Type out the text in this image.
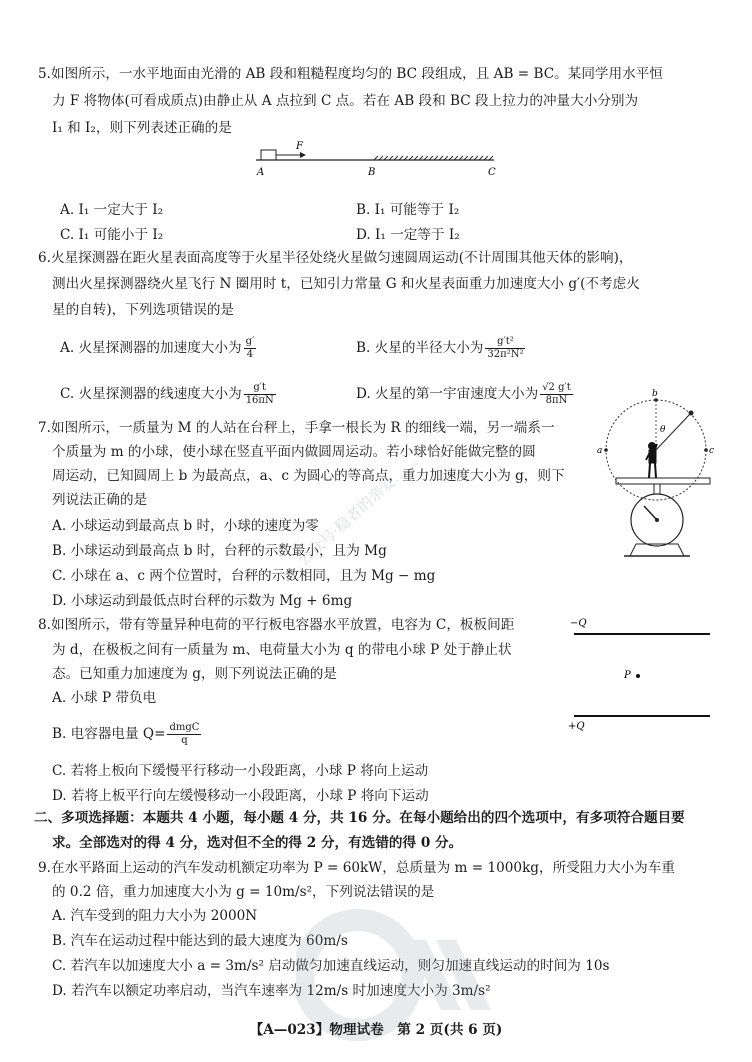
5.如图所示，一水平地面由光滑的 AB 段和粗糙程度均匀的 BC 段组成，且 AB = BC。某同学用水平恒
力 F 将物体(可看成质点)由静止从 A 点拉到 C 点。若在 AB 段和 BC 段上拉力的冲量大小分别为
I₁ 和 I₂，则下列表述正确的是
F
A	B	C
A. I₁ 一定大于 I₂	B. I₁ 可能等于 I₂
C. I₁ 可能小于 I₂	D. I₁ 一定等于 I₂
6.火星探测器在距火星表面高度等于火星半径处绕火星做匀速圆周运动(不计周围其他天体的影响)，
测出火星探测器绕火星飞行 N 圈用时 t，已知引力常量 G 和火星表面重力加速度大小 g′(不考虑火
星的自转)，下列选项错误的是
A. 火星探测器的加速度大小为 $\frac{g'}{4}$	B. 火星的半径大小为 $\frac{\text{g′t²}}{\text{32π²N²}}$
C. 火星探测器的线速度大小为 $\frac{g't}{16\pi N}$	D. 火星的第一宇宙速度大小为 $\frac{√2 g't}{8\pi N}$
7.如图所示，一质量为 M 的人站在台秤上，手拿一根长为 R 的细线一端，另一端系一
个质量为 m 的小球，使小球在竖直平面内做圆周运动。若小球恰好能做完整的圆
周运动，已知圆周上 b 为最高点，a、c 为圆心的等高点，重力加速度大小为 g，则下
列说法正确的是
A. 小球运动到最高点 b 时，小球的速度为零
B. 小球运动到最高点 b 时，台秤的示数最小，且为 Mg
C. 小球在 a、c 两个位置时，台秤的示数相同，且为 Mg − mg
D. 小球运动到最低点时台秤的示数为 Mg + 6mg
b
a	c
θ
8.如图所示，带有等量异种电荷的平行板电容器水平放置，电容为 C，板板间距
为 d，在极板之间有一质量为 m、电荷量大小为 q 的带电小球 P 处于静止状
态。已知重力加速度为 g，则下列说法正确的是
A. 小球 P 带负电
B. 电容器电量 $Q= \frac{\text{dmgC}}{q}$
C. 若将上板向下缓慢平行移动一小段距离，小球 P 将向上运动
D. 若将上板平行向左缓慢移动一小段距离，小球 P 将向下运动
−Q
P
+Q
二、多项选择题：本题共 4 小题，每小题 4 分，共 16 分。在每小题给出的四个选项中，有多项符合题目要
求。全部选对的得 4 分，选对但不全的得 2 分，有选错的得 0 分。
9.在水平路面上运动的汽车发动机额定功率为 P = 60kW，总质量为 m = 1000kg，所受阻力大小为车重
的 0.2 倍，重力加速度大小为 g = 10m/s²，下列说法错误的是
A. 汽车受到的阻力大小为 2000N
B. 汽车在运动过程中能达到的最大速度为 60m/s
C. 若汽车以加速度大小 a = 3m/s² 启动做匀加速直线运动，则匀加速直线运动的时间为 10s
D. 若汽车以额定功率启动，当汽车速率为 12m/s 时加速度大小为 3m/s²
公众号·稳者的亲爱……
【A—023】物理试卷　第 2 页(共 6 页)
